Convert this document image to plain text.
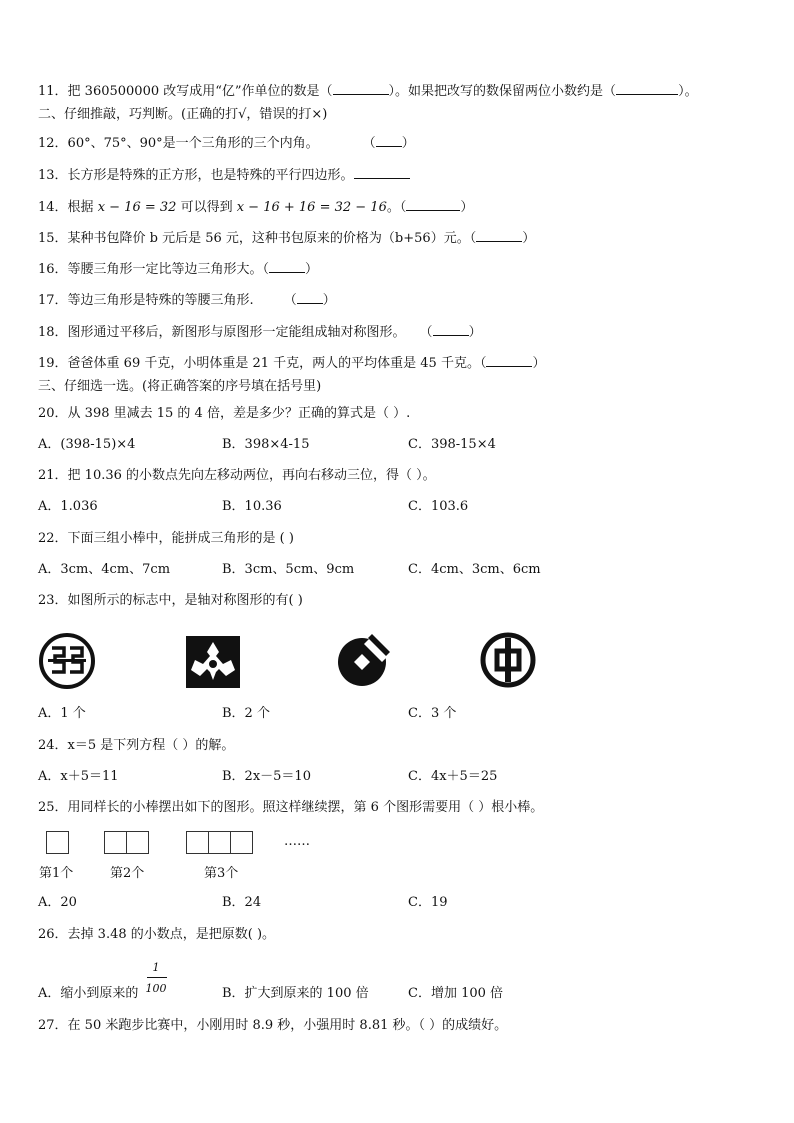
11．把 360500000 改写成用“亿”作单位的数是（	）。如果把改写的数保留两位小数约是（	）。
二、仔细推敲，巧判断。(正确的打√，错误的打×)
12．60°、75°、90°是一个三角形的三个内角。	（ ）
13．长方形是特殊的正方形，也是特殊的平行四边形。
14．根据 x − 16 = 32 可以得到 x − 16 + 16 = 32 − 16。（	）
15．某种书包降价 b 元后是 56 元，这种书包原来的价格为（b+56）元。（	）
16．等腰三角形一定比等边三角形大。（	）
17．等边三角形是特殊的等腰三角形. （ ）
18．图形通过平移后，新图形与原图形一定能组成轴对称图形。 （	）
19．爸爸体重 69 千克，小明体重是 21 千克，两人的平均体重是 45 千克。（	）
三、仔细选一选。(将正确答案的序号填在括号里)
20．从 398 里减去 15 的 4 倍，差是多少？正确的算式是（ ）.
A．(398-15)×4	B．398×4-15	C．398-15×4
21．把 10.36 的小数点先向左移动两位，再向右移动三位，得（ ）。
A．1.036	B．10.36	C．103.6
22．下面三组小棒中，能拼成三角形的是 ( )
A．3cm、4cm、7cm	B．3cm、5cm、9cm	C．4cm、3cm、6cm
23．如图所示的标志中，是轴对称图形的有( )
A．1 个	B．2 个	C．3 个
24．x＝5 是下列方程（ ）的解。
A．x＋5＝11	B．2x－5＝10	C．4x＋5＝25
25．用同样长的小棒摆出如下的图形。照这样继续摆，第 6 个图形需要用（ ）根小棒。
……
第1个	第2个	第3个
A．20	B．24	C．19
26．去掉 3.48 的小数点，是把原数( )。
A．缩小到原来的
1
100	B．扩大到原来的 100 倍	C．增加 100 倍
27．在 50 米跑步比赛中，小刚用时 8.9 秒，小强用时 8.81 秒。（ ）的成绩好。
